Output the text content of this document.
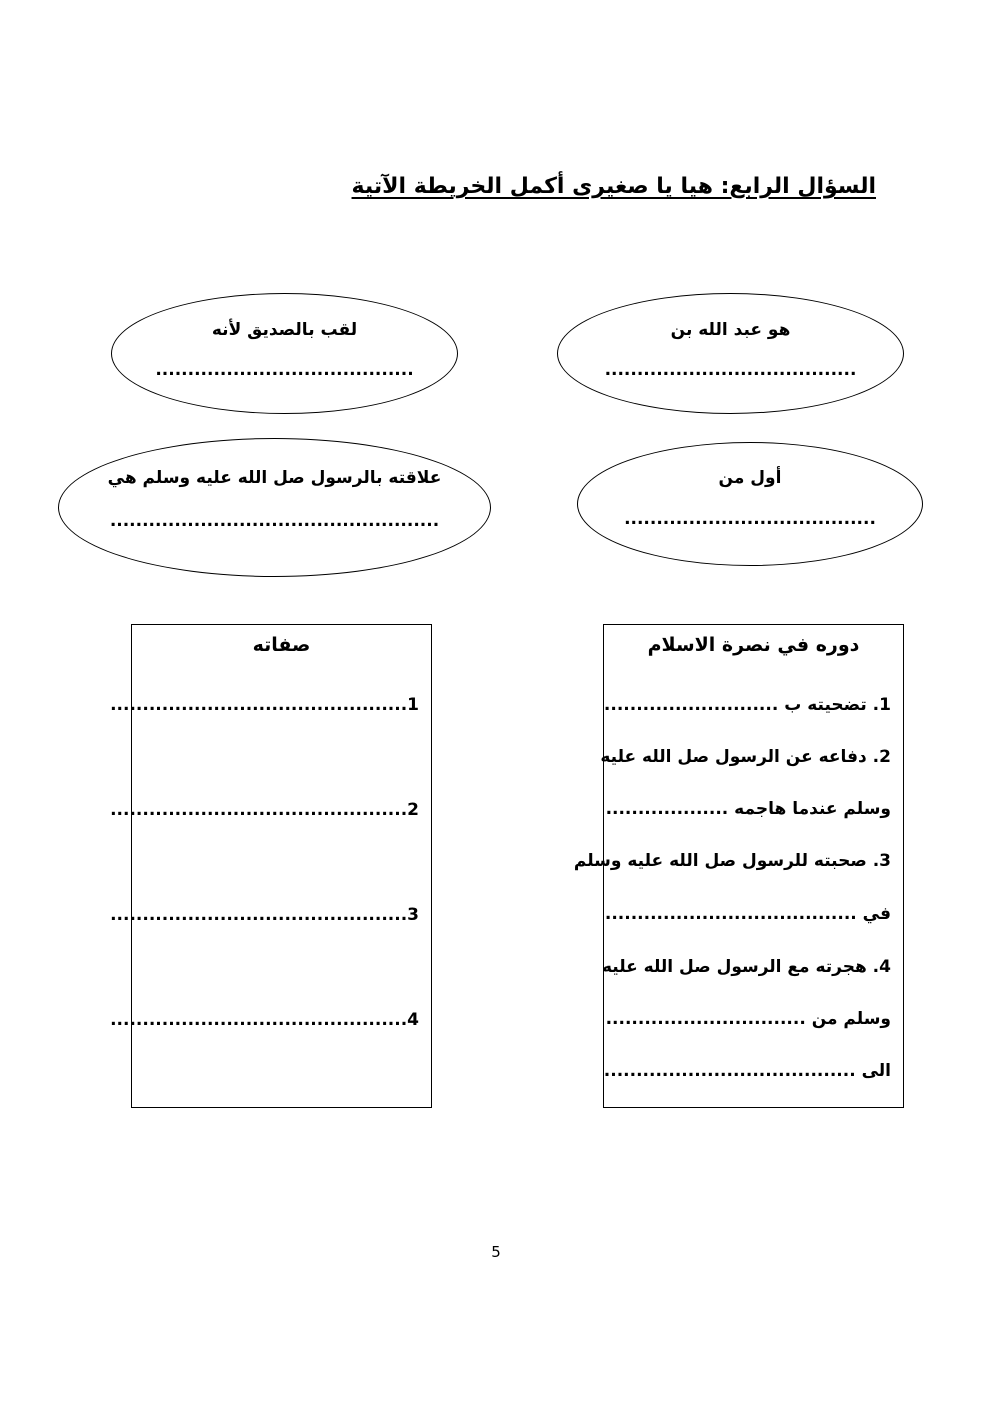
السؤال الرابع: هيا يا صغيرى أكمل الخريطة الآتية
هو عبد الله بن
.......................................
لقب بالصديق لأنه
........................................
أول من
.......................................
علاقته بالرسول صل الله عليه وسلم هي
...................................................
صفاته
1..............................................
2..............................................
3..............................................
4..............................................
دوره في نصرة الاسلام
1. تضحيته ب ...........................
2. دفاعه عن الرسول صل الله عليه
وسلم عندما هاجمه ...................
3. صحبته للرسول صل الله عليه وسلم
في .......................................
4. هجرته مع الرسول صل الله عليه
وسلم من ...............................
الى .......................................
5
